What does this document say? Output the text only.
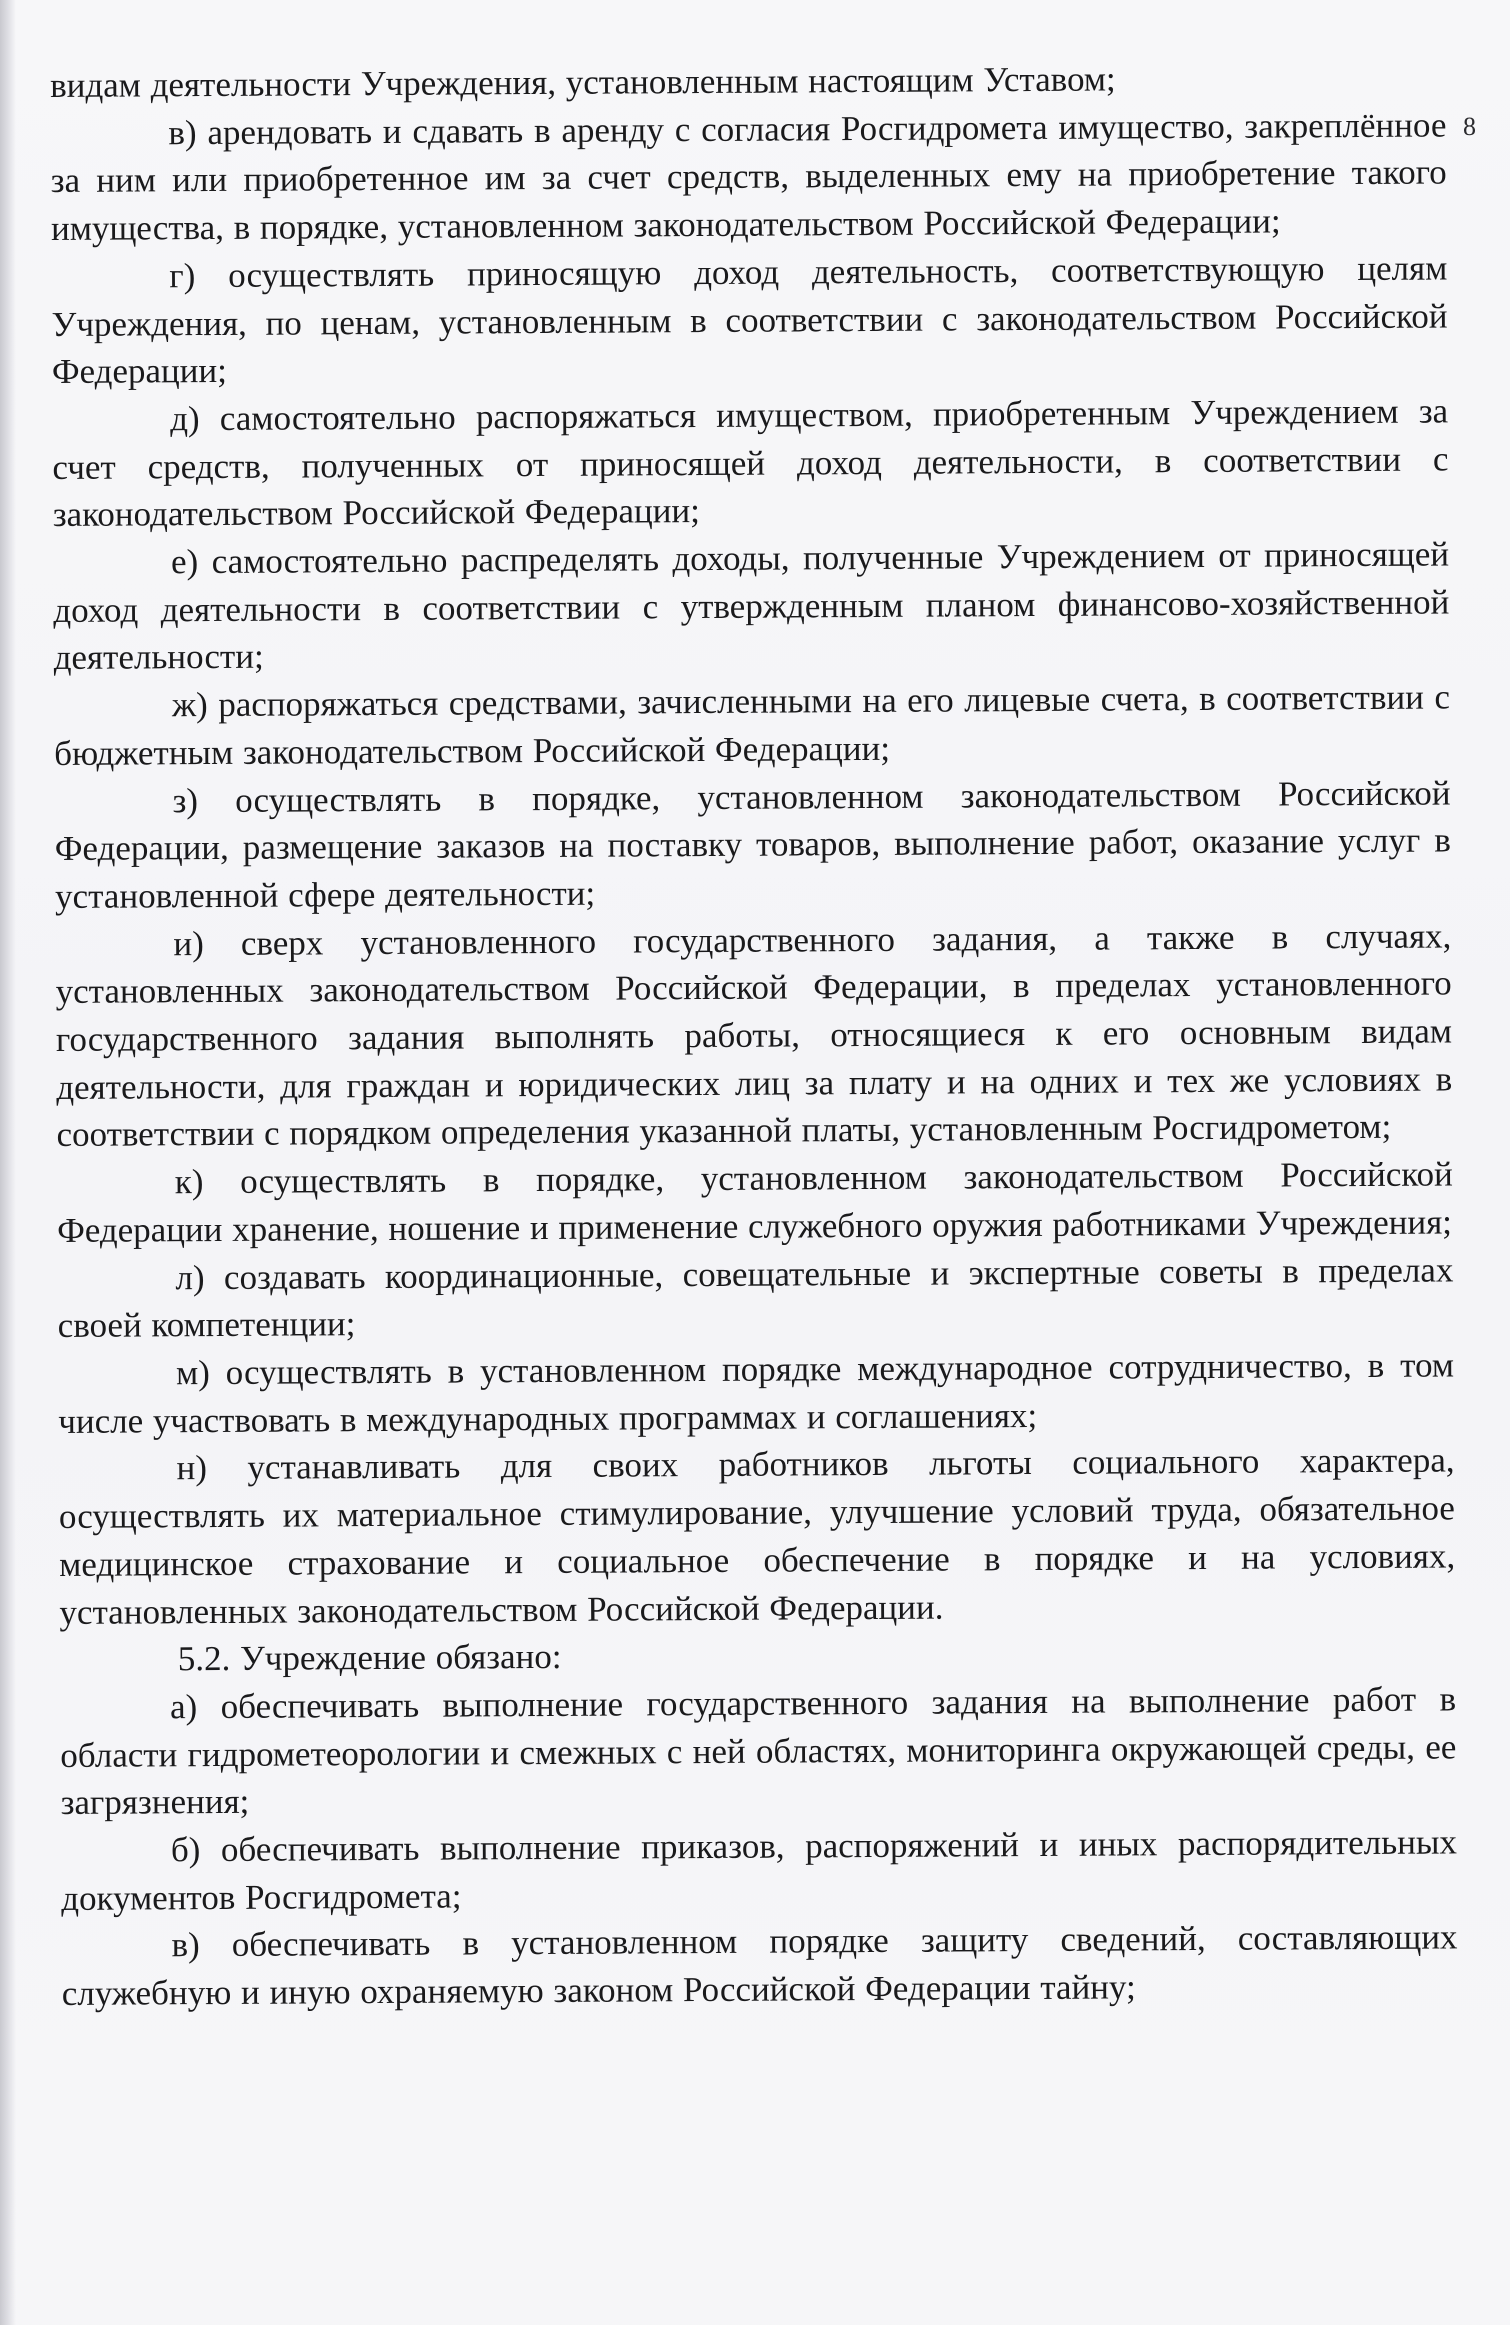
8

видам деятельности Учреждения, установленным настоящим Уставом;

в) арендовать и сдавать в аренду с согласия Росгидромета имущество, закреплённое за ним или приобретенное им за счет средств, выделенных ему на приобретение такого имущества, в порядке, установленном законодательством Российской Федерации;

г) осуществлять приносящую доход деятельность, соответствующую целям Учреждения, по ценам, установленным в соответствии с законодательством Российской Федерации;

д) самостоятельно распоряжаться имуществом, приобретенным Учреждением за счет средств, полученных от приносящей доход деятельности, в соответствии с законодательством Российской Федерации;

е) самостоятельно распределять доходы, полученные Учреждением от приносящей доход деятельности в соответствии с утвержденным планом финансово-хозяйственной деятельности;

ж) распоряжаться средствами, зачисленными на его лицевые счета, в соответствии с бюджетным законодательством Российской Федерации;

з) осуществлять в порядке, установленном законодательством Российской Федерации, размещение заказов на поставку товаров, выполнение работ, оказание услуг в установленной сфере деятельности;

и) сверх установленного государственного задания, а также в случаях, установленных законодательством Российской Федерации, в пределах установленного государственного задания выполнять работы, относящиеся к его основным видам деятельности, для граждан и юридических лиц за плату и на одних и тех же условиях в соответствии с порядком определения указанной платы, установленным Росгидрометом;

к) осуществлять в порядке, установленном законодательством Российской Федерации хранение, ношение и применение служебного оружия работниками Учреждения;

л) создавать координационные, совещательные и экспертные советы в пределах своей компетенции;

м) осуществлять в установленном порядке международное сотрудничество, в том числе участвовать в международных программах и соглашениях;

н) устанавливать для своих работников льготы социального характера, осуществлять их материальное стимулирование, улучшение условий труда, обязательное медицинское страхование и социальное обеспечение в порядке и на условиях, установленных законодательством Российской Федерации.

5.2. Учреждение обязано:

а) обеспечивать выполнение государственного задания на выполнение работ в области гидрометеорологии и смежных с ней областях, мониторинга окружающей среды, ее загрязнения;

б) обеспечивать выполнение приказов, распоряжений и иных распорядительных документов Росгидромета;

в) обеспечивать в установленном порядке защиту сведений, составляющих служебную и иную охраняемую законом Российской Федерации тайну;
